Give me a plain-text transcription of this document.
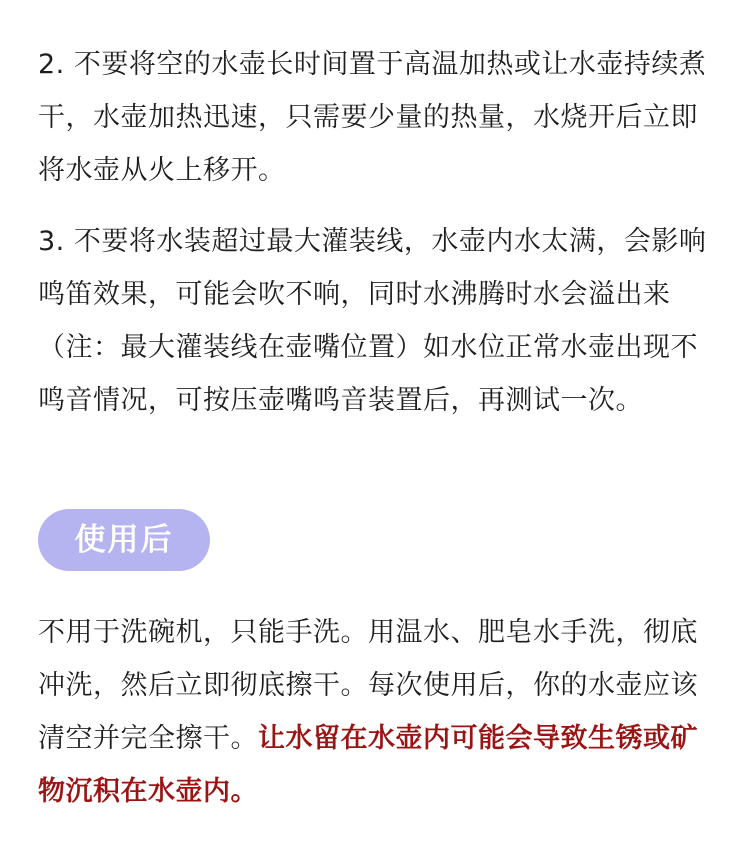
2. 不要将空的水壶长时间置于高温加热或让水壶持续煮干，水壶加热迅速，只需要少量的热量，水烧开后立即将水壶从火上移开。

3. 不要将水装超过最大灌装线，水壶内水太满，会影响鸣笛效果，可能会吹不响，同时水沸腾时水会溢出来（注：最大灌装线在壶嘴位置）如水位正常水壶出现不鸣音情况，可按压壶嘴鸣音装置后，再测试一次。

使用后

不用于洗碗机，只能手洗。用温水、肥皂水手洗，彻底冲洗，然后立即彻底擦干。每次使用后，你的水壶应该清空并完全擦干。让水留在水壶内可能会导致生锈或矿物沉积在水壶内。
